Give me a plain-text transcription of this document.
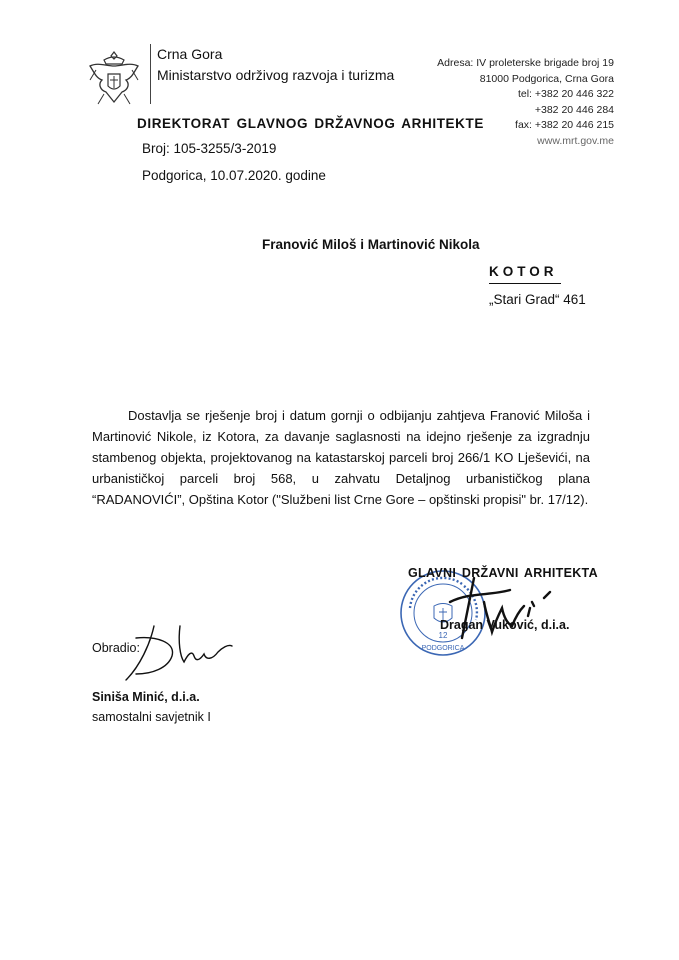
Crna Gora
Ministarstvo održivog razvoja i turizma
Adresa: IV proleterske brigade broj 19
81000 Podgorica, Crna Gora
tel: +382 20 446 322
+382 20 446 284
fax: +382 20 446 215
www.mrt.gov.me
DIREKTORAT GLAVNOG DRŽAVNOG ARHITEKTE
Broj: 105-3255/3-2019
Podgorica, 10.07.2020. godine
Franović Miloš i Martinović Nikola
KOTOR
„Stari Grad“ 461
Dostavlja se rješenje broj i datum gornji o odbijanju zahtjeva Franović Miloša i Martinović Nikole, iz Kotora, za davanje saglasnosti na idejno rješenje za izgradnju stambenog objekta, projektovanog na katastarskoj parceli broj 266/1 KO Lješevići, na urbanističkoj parceli broj 568, u zahvatu Detaljnog urbanističkog plana “RADANOVIĆI”, Opština Kotor ("Službeni list Crne Gore – opštinski propisi" br. 17/12).
12
PODGORICA
GLAVNI DRŽAVNI ARHITEKTA
Dragan Vuković, d.i.a.
Obradio:
Siniša Minić, d.i.a.
samostalni savjetnik I
